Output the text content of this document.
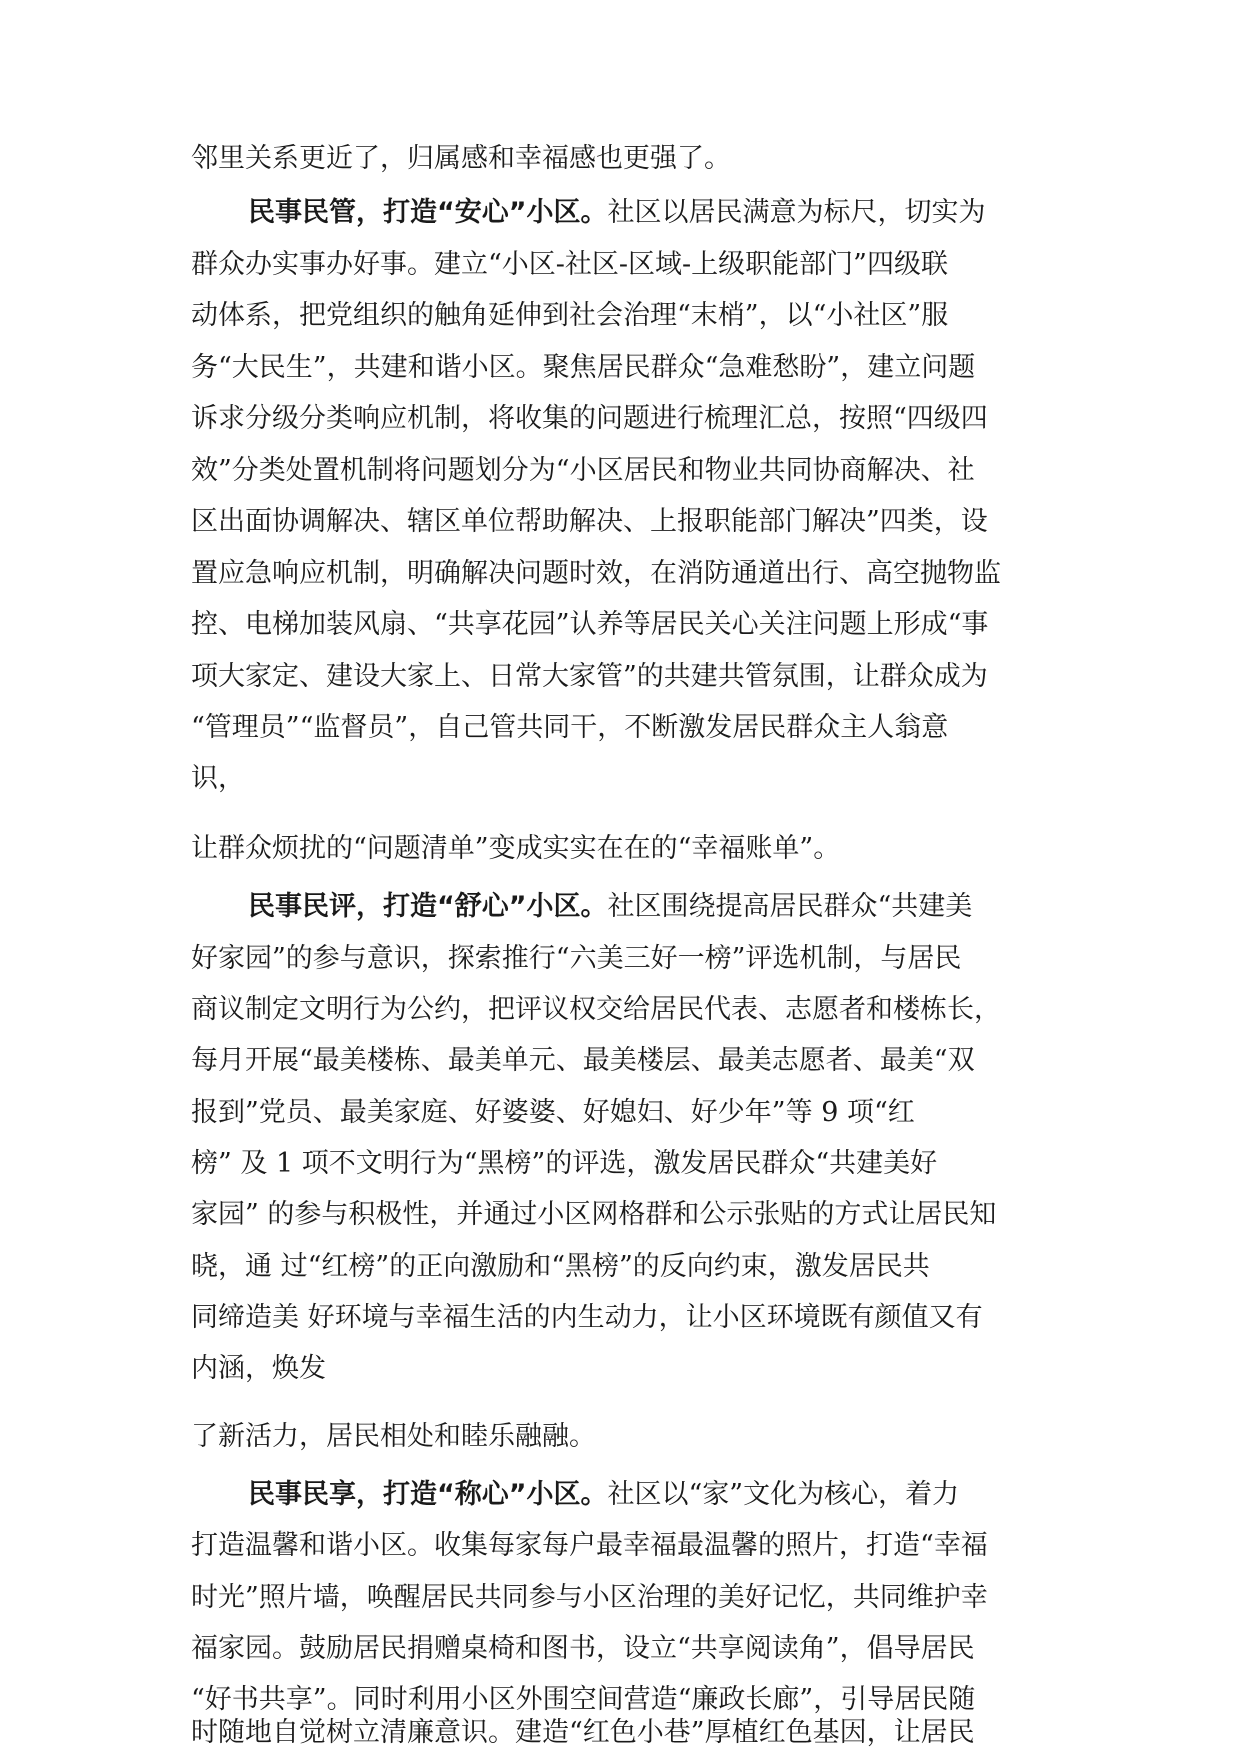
邻里关系更近了，归属感和幸福感也更强了。
民事民管，打造“安心”小区。社区以居民满意为标尺，切实为
群众办实事办好事。建立“小区-社区-区域-上级职能部门”四级联
动体系，把党组织的触角延伸到社会治理“末梢”，以“小社区”服
务“大民生”，共建和谐小区。聚焦居民群众“急难愁盼”，建立问题
诉求分级分类响应机制，将收集的问题进行梳理汇总，按照“四级四
效”分类处置机制将问题划分为“小区居民和物业共同协商解决、社
区出面协调解决、辖区单位帮助解决、上报职能部门解决”四类，设
置应急响应机制，明确解决问题时效，在消防通道出行、高空抛物监
控、电梯加装风扇、“共享花园”认养等居民关心关注问题上形成“事
项大家定、建设大家上、日常大家管”的共建共管氛围，让群众成为
“管理员”“监督员”，自己管共同干，不断激发居民群众主人翁意
识，
让群众烦扰的“问题清单”变成实实在在的“幸福账单”。
民事民评，打造“舒心”小区。社区围绕提高居民群众“共建美
好家园”的参与意识，探索推行“六美三好一榜”评选机制，与居民
商议制定文明行为公约，把评议权交给居民代表、志愿者和楼栋长，
每月开展“最美楼栋、最美单元、最美楼层、最美志愿者、最美“双
报到”党员、最美家庭、好婆婆、好媳妇、好少年”等 9 项“红
榜” 及 1 项不文明行为“黑榜”的评选，激发居民群众“共建美好
家园” 的参与积极性，并通过小区网格群和公示张贴的方式让居民知
晓，通 过“红榜”的正向激励和“黑榜”的反向约束，激发居民共
同缔造美 好环境与幸福生活的内生动力，让小区环境既有颜值又有
内涵，焕发
了新活力，居民相处和睦乐融融。
民事民享，打造“称心”小区。社区以“家”文化为核心，着力
打造温馨和谐小区。收集每家每户最幸福最温馨的照片，打造“幸福
时光”照片墙，唤醒居民共同参与小区治理的美好记忆，共同维护幸
福家园。鼓励居民捐赠桌椅和图书，设立“共享阅读角”，倡导居民
“好书共享”。同时利用小区外围空间营造“廉政长廊”，引导居民随
时随地自觉树立清廉意识。建造“红色小巷”厚植红色基因，让居民
